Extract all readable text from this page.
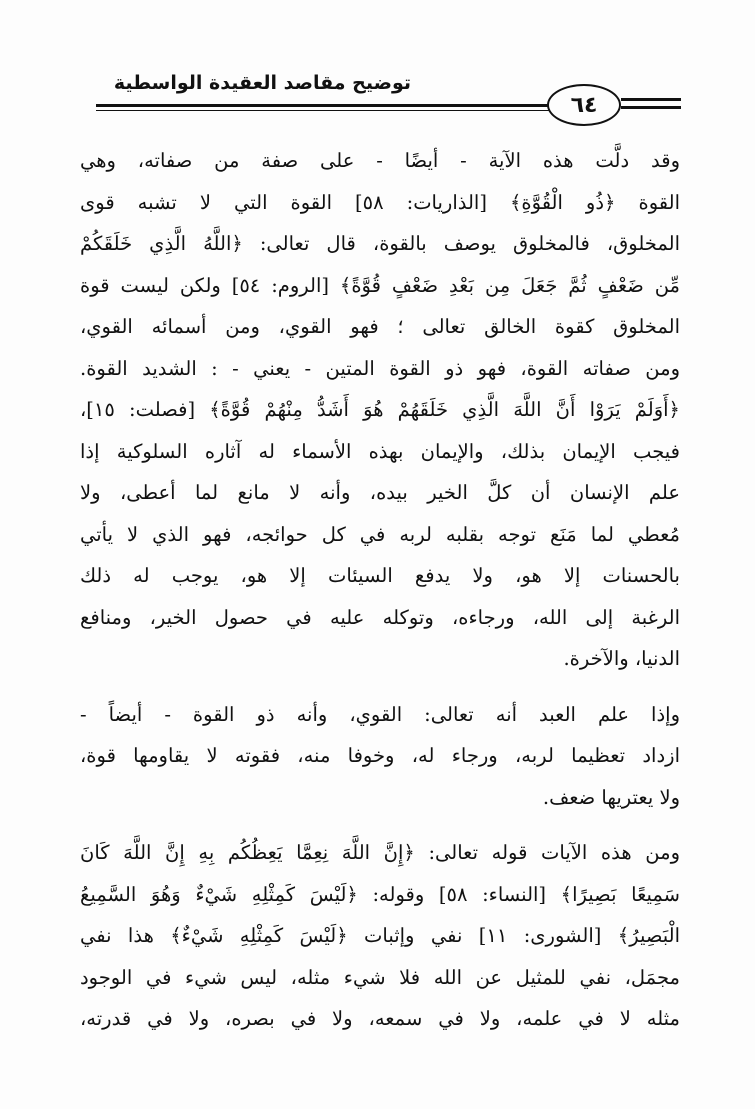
توضيح مقاصد العقيدة الواسطية
٦٤
وقد دلَّت هذه الآية - أيضًا - على صفة من صفاته، وهي
القوة ﴿ذُو الْقُوَّةِ﴾ [الذاريات: ٥٨] القوة التي لا تشبه قوى
المخلوق، فالمخلوق يوصف بالقوة، قال تعالى: ﴿اللَّهُ الَّذِي خَلَقَكُمْ
مِّن ضَعْفٍ ثُمَّ جَعَلَ مِن بَعْدِ ضَعْفٍ قُوَّةً﴾ [الروم: ٥٤] ولكن ليست قوة
المخلوق كقوة الخالق تعالى ؛ فهو القوي، ومن أسمائه القوي،
ومن صفاته القوة، فهو ذو القوة المتين - يعني - : الشديد القوة.
﴿أَوَلَمْ يَرَوْا أَنَّ اللَّهَ الَّذِي خَلَقَهُمْ هُوَ أَشَدُّ مِنْهُمْ قُوَّةً﴾ [فصلت: ١٥]،
فيجب الإيمان بذلك، والإيمان بهذه الأسماء له آثاره السلوكية إذا
علم الإنسان أن كلَّ الخير بيده، وأنه لا مانع لما أعطى، ولا
مُعطي لما مَنَع توجه بقلبه لربه في كل حوائجه، فهو الذي لا يأتي
بالحسنات إلا هو، ولا يدفع السيئات إلا هو، يوجب له ذلك
الرغبة إلى الله، ورجاءه، وتوكله عليه في حصول الخير، ومنافع
الدنيا، والآخرة.
وإذا علم العبد أنه تعالى: القوي، وأنه ذو القوة - أيضاً -
ازداد تعظيما لربه، ورجاء له، وخوفا منه، فقوته لا يقاومها قوة،
ولا يعتريها ضعف.
ومن هذه الآيات قوله تعالى: ﴿إِنَّ اللَّهَ نِعِمَّا يَعِظُكُم بِهِ إِنَّ اللَّهَ كَانَ
سَمِيعًا بَصِيرًا﴾ [النساء: ٥٨] وقوله: ﴿لَيْسَ كَمِثْلِهِ شَيْءٌ وَهُوَ السَّمِيعُ
الْبَصِيرُ﴾ [الشورى: ١١] نفي وإثبات ﴿لَيْسَ كَمِثْلِهِ شَيْءٌ﴾ هذا نفي
مجمَل، نفي للمثيل عن الله فلا شيء مثله، ليس شيء في الوجود
مثله لا في علمه، ولا في سمعه، ولا في بصره، ولا في قدرته،
